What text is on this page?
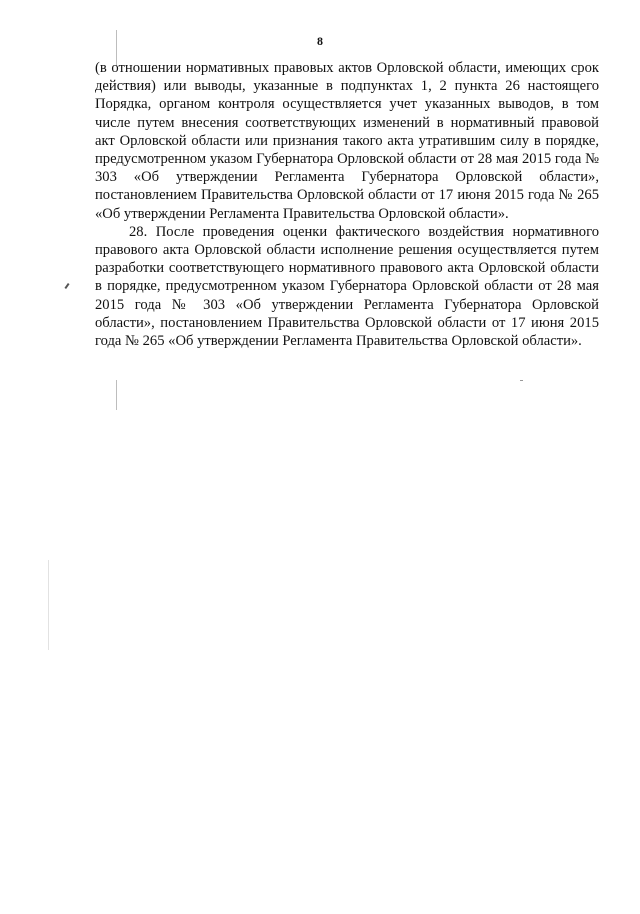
8

(в отношении нормативных правовых актов Орловской области, имеющих срок действия) или выводы, указанные в подпунктах 1, 2 пункта 26 настоящего Порядка, органом контроля осуществляется учет указанных выводов, в том числе путем внесения соответствующих изменений в нормативный правовой акт Орловской области или признания такого акта утратившим силу в порядке, предусмотренном указом Губернатора Орловской области от 28 мая 2015 года № 303 «Об утверждении Регламента Губернатора Орловской области», постановлением Правительства Орловской области от 17 июня 2015 года № 265 «Об утверждении Регламента Правительства Орловской области».

28. После проведения оценки фактического воздействия нормативного правового акта Орловской области исполнение решения осуществляется путем разработки соответствующего нормативного правового акта Орловской области в порядке, предусмотренном указом Губернатора Орловской области от 28 мая 2015 года № 303 «Об утверждении Регламента Губернатора Орловской области», постановлением Правительства Орловской области от 17 июня 2015 года № 265 «Об утверждении Регламента Правительства Орловской области».
